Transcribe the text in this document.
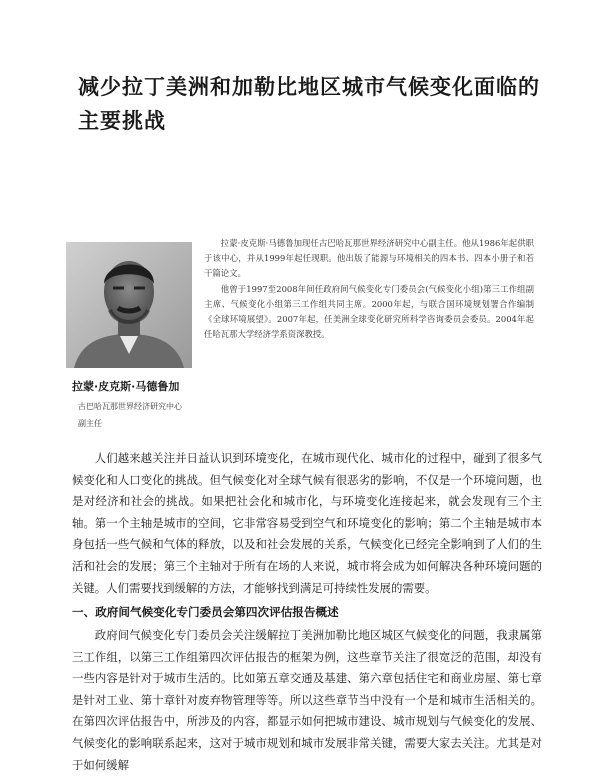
减少拉丁美洲和加勒比地区城市气候变化面临的主要挑战

拉蒙·皮克斯·马德鲁加现任古巴哈瓦那世界经济研究中心副主任。他从1986年起供职于该中心，并从1999年起任现职。他出版了能源与环境相关的四本书、四本小册子和若干篇论文。

他曾于1997至2008年间任政府间气候变化专门委员会(气候变化小组)第三工作组副主席、气候变化小组第三工作组共同主席。2000年起，与联合国环境规划署合作编制《全球环境展望》。2007年起，任美洲全球变化研究所科学咨询委员会委员。2004年起任哈瓦那大学经济学系资深教授。

拉蒙·皮克斯·马德鲁加

古巴哈瓦那世界经济研究中心
副主任

人们越来越关注并日益认识到环境变化，在城市现代化、城市化的过程中，碰到了很多气候变化和人口变化的挑战。但气候变化对全球气候有很恶劣的影响，不仅是一个环境问题，也是对经济和社会的挑战。如果把社会化和城市化，与环境变化连接起来，就会发现有三个主轴。第一个主轴是城市的空间，它非常容易受到空气和环境变化的影响；第二个主轴是城市本身包括一些气候和气体的释放，以及和社会发展的关系，气候变化已经完全影响到了人们的生活和社会的发展；第三个主轴对于所有在场的人来说，城市将会成为如何解决各种环境问题的关键。人们需要找到缓解的方法，才能够找到满足可持续性发展的需要。

一、政府间气候变化专门委员会第四次评估报告概述

政府间气候变化专门委员会关注缓解拉丁美洲加勒比地区城区气候变化的问题，我隶属第三工作组，以第三工作组第四次评估报告的框架为例，这些章节关注了很宽泛的范围，却没有一些内容是针对于城市生活的。比如第五章交通及基建、第六章包括住宅和商业房屋、第七章是针对工业、第十章针对废弃物管理等等。所以这些章节当中没有一个是和城市生活相关的。在第四次评估报告中，所涉及的内容，都显示如何把城市建设、城市规划与气候变化的发展、气候变化的影响联系起来，这对于城市规划和城市发展非常关键，需要大家去关注。尤其是对于如何缓解
